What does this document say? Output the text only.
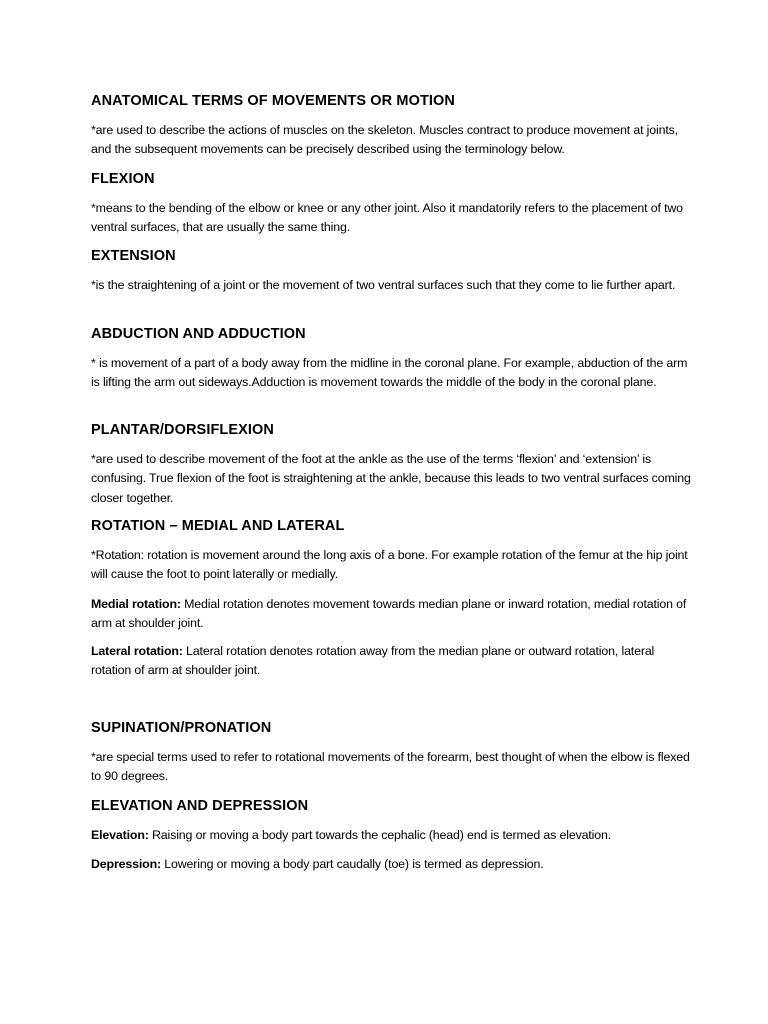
ANATOMICAL TERMS OF MOVEMENTS OR MOTION

*are used to describe the actions of muscles on the skeleton. Muscles contract to produce movement at joints, and the subsequent movements can be precisely described using the terminology below.

FLEXION

*means to the bending of the elbow or knee or any other joint. Also it mandatorily refers to the placement of two ventral surfaces, that are usually the same thing.

EXTENSION

*is the straightening of a joint or the movement of two ventral surfaces such that they come to lie further apart.

ABDUCTION AND ADDUCTION

* is movement of a part of a body away from the midline in the coronal plane. For example, abduction of the arm is lifting the arm out sideways.Adduction is movement towards the middle of the body in the coronal plane.

PLANTAR/DORSIFLEXION

*are used to describe movement of the foot at the ankle as the use of the terms ‘flexion’ and ‘extension’ is confusing. True flexion of the foot is straightening at the ankle, because this leads to two ventral surfaces coming closer together.

ROTATION – MEDIAL AND LATERAL

*Rotation: rotation is movement around the long axis of a bone. For example rotation of the femur at the hip joint will cause the foot to point laterally or medially.

Medial rotation: Medial rotation denotes movement towards median plane or inward rotation, medial rotation of arm at shoulder joint.

Lateral rotation: Lateral rotation denotes rotation away from the median plane or outward rotation, lateral rotation of arm at shoulder joint.

SUPINATION/PRONATION

*are special terms used to refer to rotational movements of the forearm, best thought of when the elbow is flexed to 90 degrees.

ELEVATION AND DEPRESSION

Elevation: Raising or moving a body part towards the cephalic (head) end is termed as elevation.

Depression: Lowering or moving a body part caudally (toe) is termed as depression.
